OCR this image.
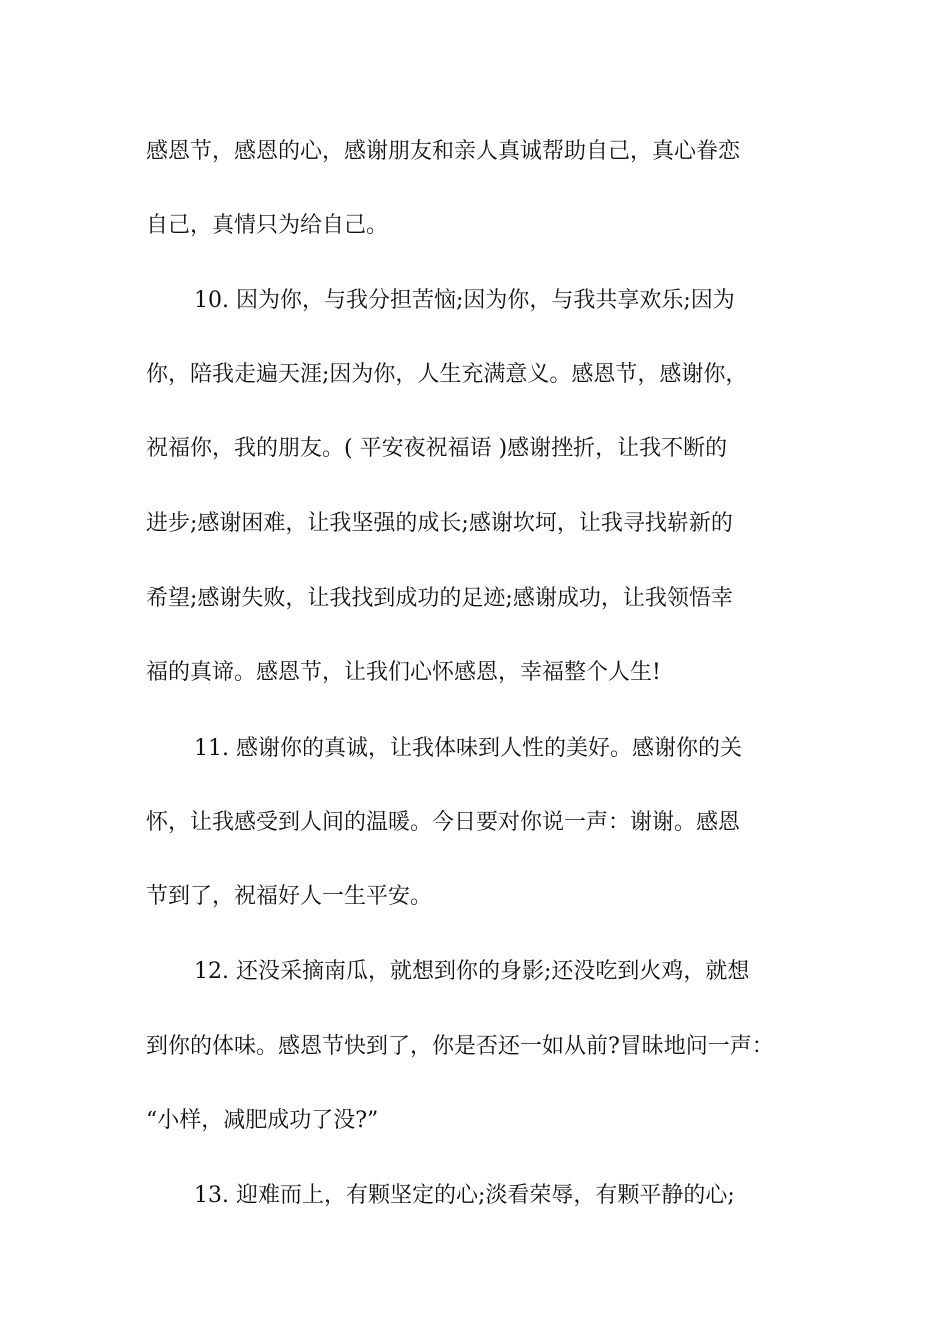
感恩节，感恩的心，感谢朋友和亲人真诚帮助自己，真心眷恋
自己，真情只为给自己。
10. 因为你，与我分担苦恼;因为你，与我共享欢乐;因为
你，陪我走遍天涯;因为你，人生充满意义。感恩节，感谢你，
祝福你，我的朋友。( 平安夜祝福语 )感谢挫折，让我不断的
进步;感谢困难，让我坚强的成长;感谢坎坷，让我寻找崭新的
希望;感谢失败，让我找到成功的足迹;感谢成功，让我领悟幸
福的真谛。感恩节，让我们心怀感恩，幸福整个人生!
11. 感谢你的真诚，让我体味到人性的美好。感谢你的关
怀，让我感受到人间的温暖。今日要对你说一声：谢谢。感恩
节到了，祝福好人一生平安。
12. 还没采摘南瓜，就想到你的身影;还没吃到火鸡，就想
到你的体味。感恩节快到了，你是否还一如从前?冒昧地问一声：
“小样，减肥成功了没?”
13. 迎难而上，有颗坚定的心;淡看荣辱，有颗平静的心;
